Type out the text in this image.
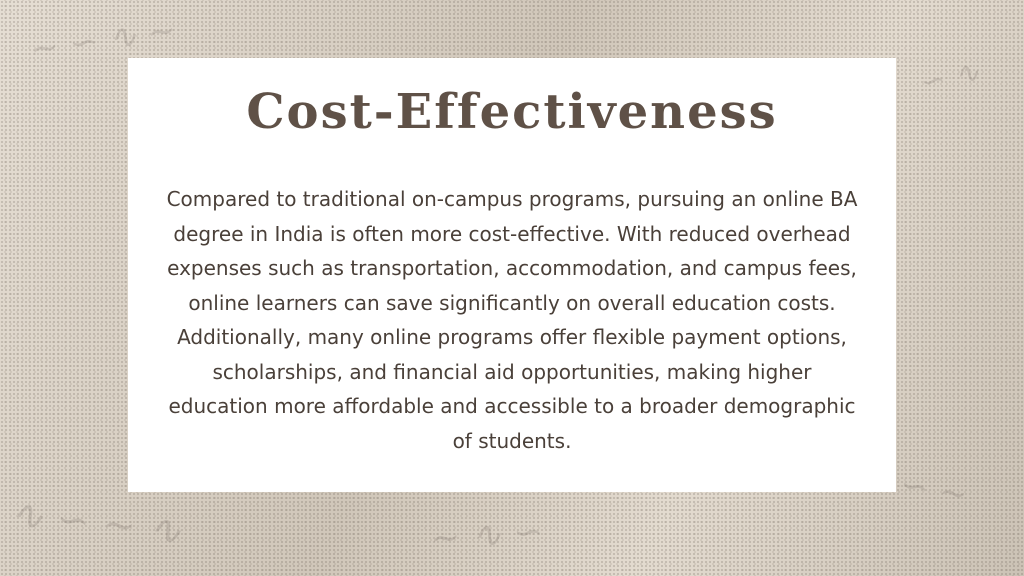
~ ∽ ∿ ~
∽ ∿
∿ ∽ ~ ∿	~ ∿ ∽
∽ ~
Cost-Effectiveness

Compared to traditional on-campus programs, pursuing an online BA degree in India is often more cost-effective. With reduced overhead expenses such as transportation, accommodation, and campus fees, online learners can save significantly on overall education costs. Additionally, many online programs offer flexible payment options, scholarships, and financial aid opportunities, making higher education more affordable and accessible to a broader demographic of students.
